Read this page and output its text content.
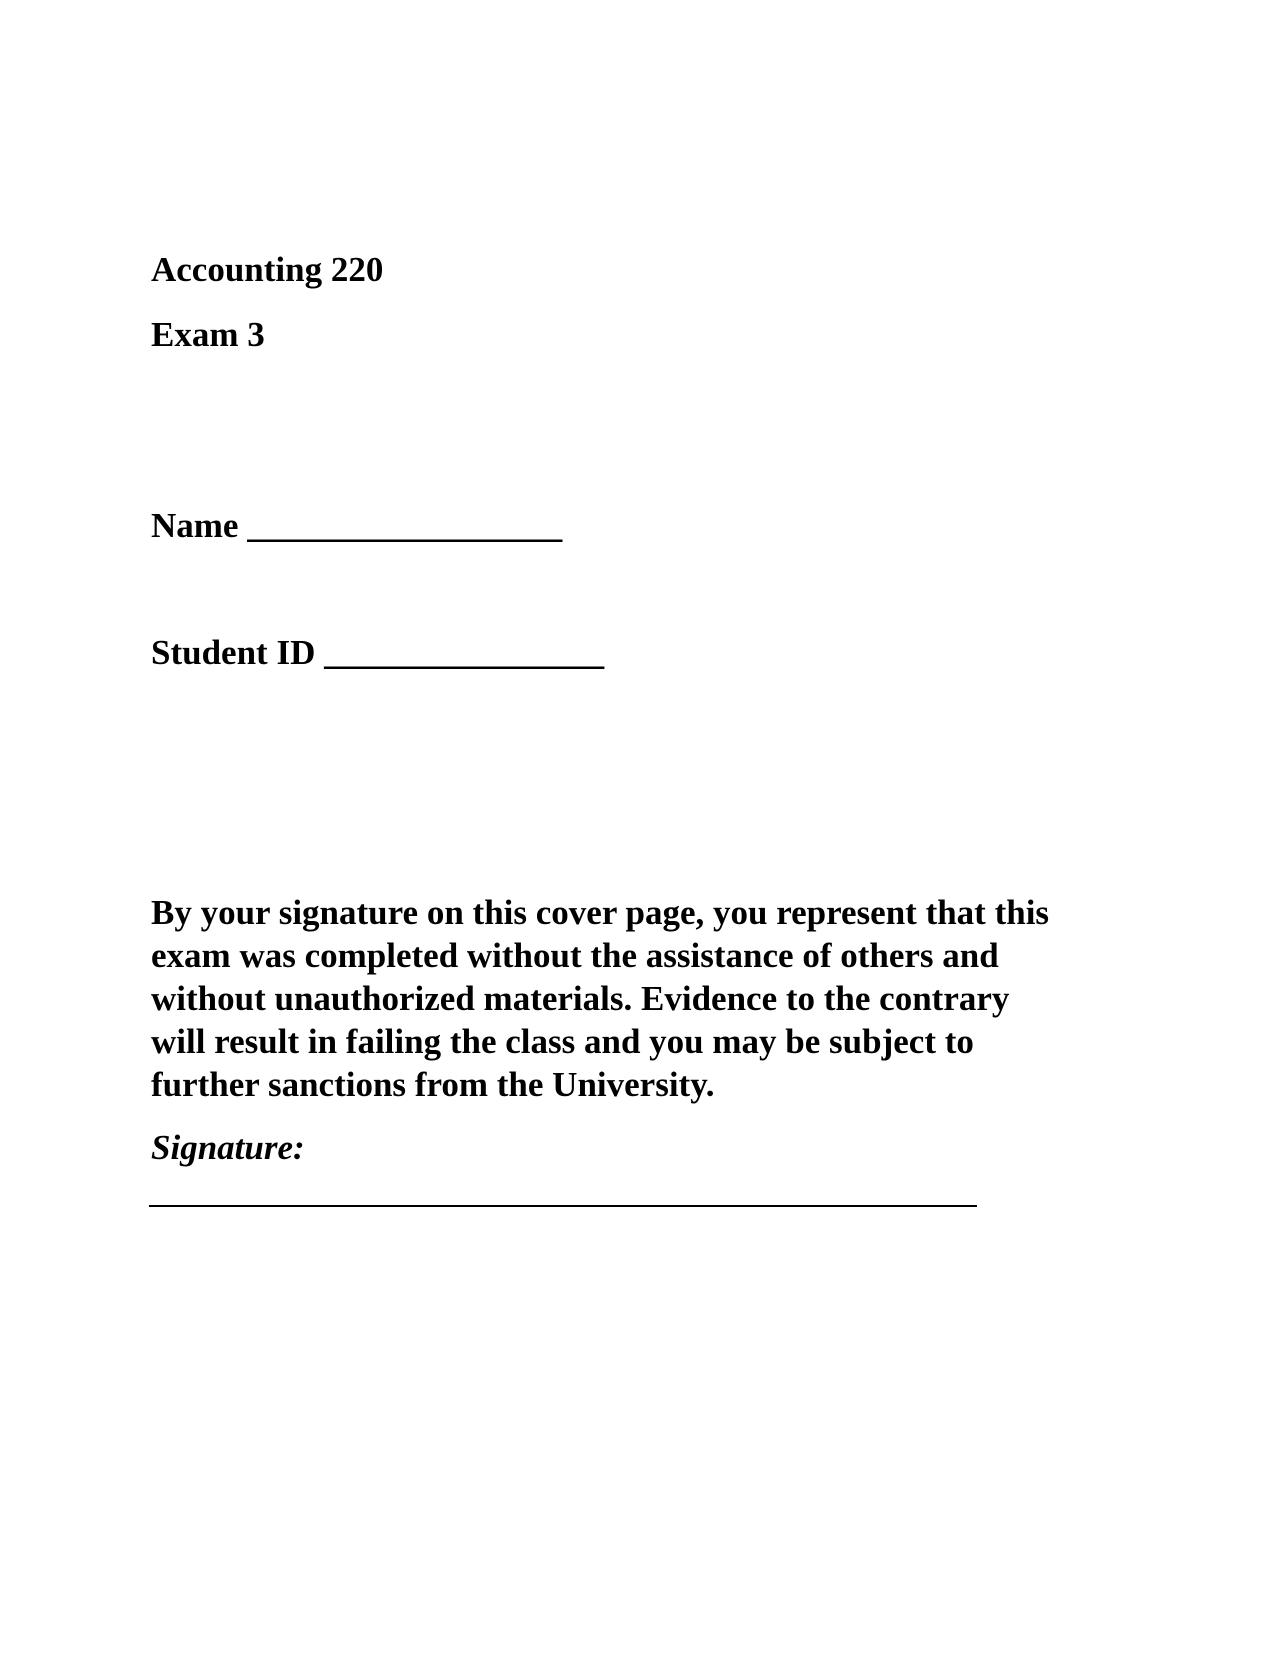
Accounting 220
Exam 3
Name __________________
Student ID ________________
By your signature on this cover page, you represent that this
exam was completed without the assistance of others and
without unauthorized materials. Evidence to the contrary
will result in failing the class and you may be subject to
further sanctions from the University.
Signature:
